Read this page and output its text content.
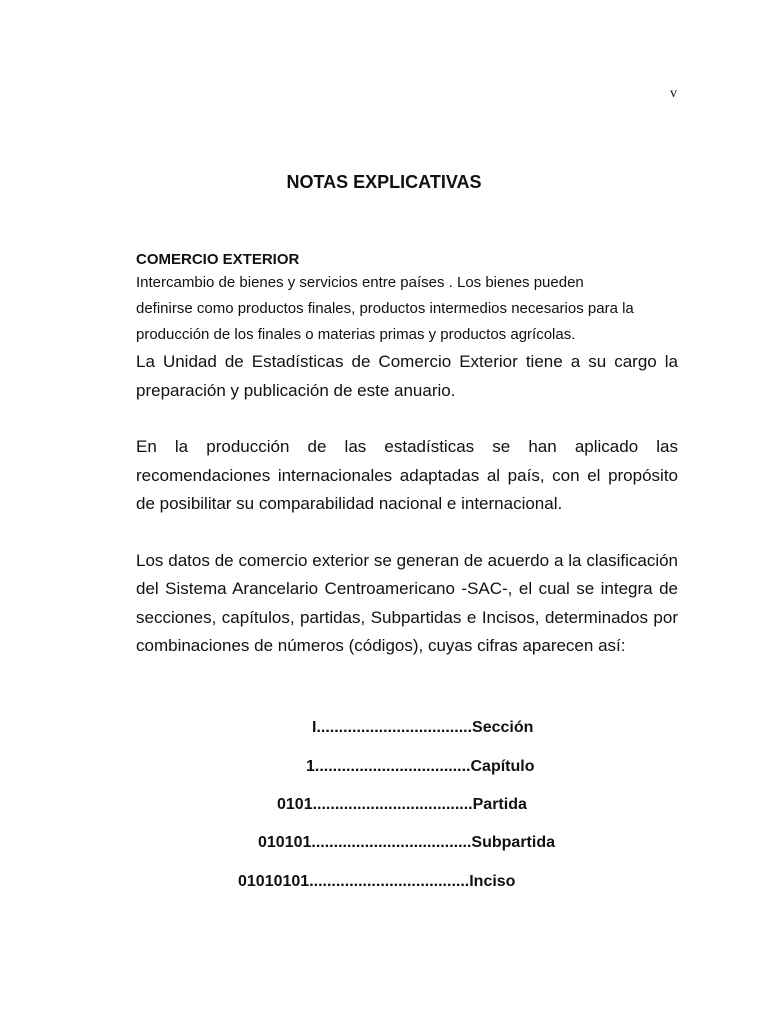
v
NOTAS EXPLICATIVAS
COMERCIO EXTERIOR

Intercambio de bienes y servicios entre países . Los bienes pueden

definirse como productos finales, productos intermedios necesarios para la

producción de los finales o materias primas y productos agrícolas.

La Unidad de Estadísticas de Comercio Exterior tiene a su cargo la preparación y publicación de este anuario.

En la producción de las estadísticas se han aplicado las recomendaciones internacionales adaptadas al país, con el propósito de posibilitar su comparabilidad nacional e internacional.

Los datos de comercio exterior se generan de acuerdo a la clasificación del Sistema Arancelario Centroamericano -SAC-, el cual se integra de secciones, capítulos, partidas, Subpartidas e Incisos, determinados por combinaciones de números (códigos), cuyas cifras aparecen así:

I...................................Sección
1...................................Capítulo
0101....................................Partida
010101....................................Subpartida
01010101....................................Inciso
